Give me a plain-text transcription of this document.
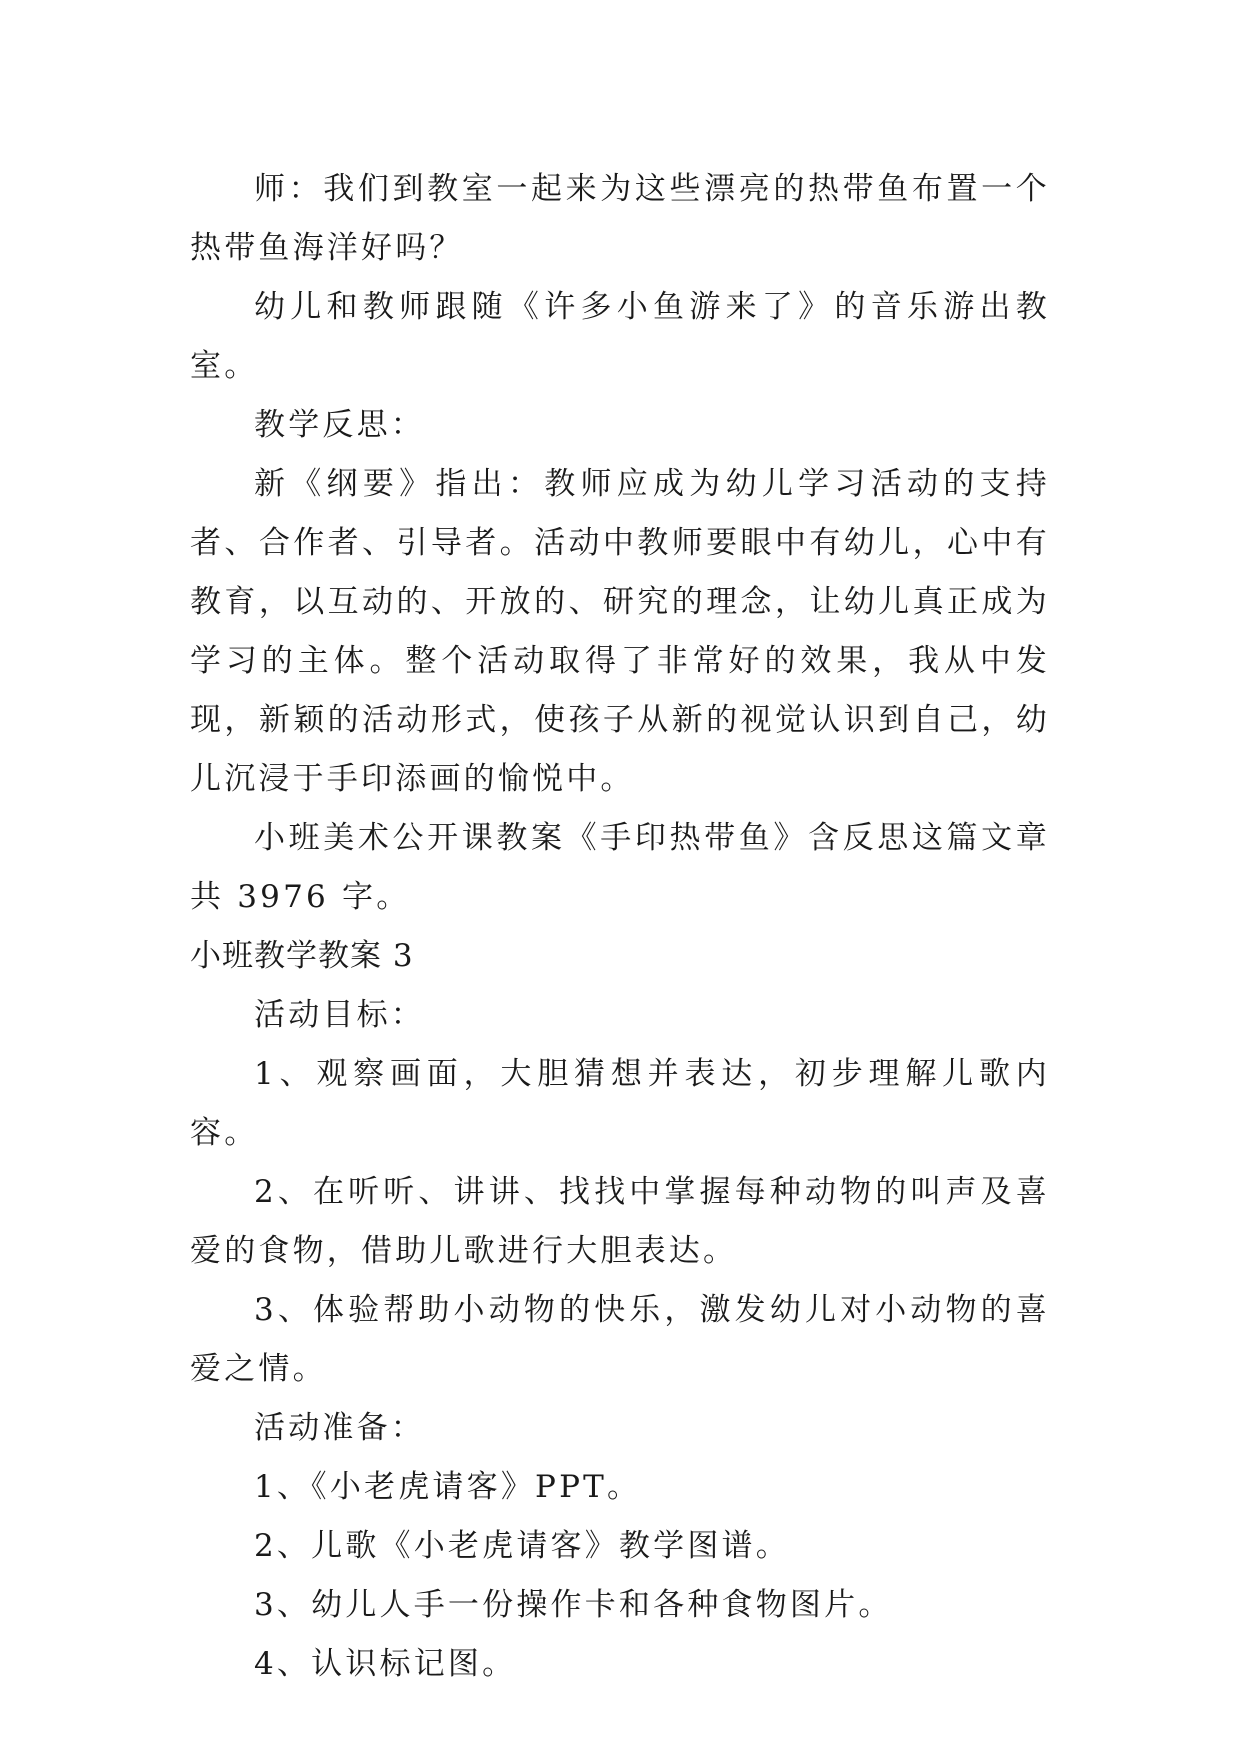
师：我们到教室一起来为这些漂亮的热带鱼布置一个热带鱼海洋好吗？

幼儿和教师跟随《许多小鱼游来了》的音乐游出教室。

教学反思：

新《纲要》指出：教师应成为幼儿学习活动的支持者、合作者、引导者。活动中教师要眼中有幼儿，心中有教育，以互动的、开放的、研究的理念，让幼儿真正成为学习的主体。整个活动取得了非常好的效果，我从中发现，新颖的活动形式，使孩子从新的视觉认识到自己，幼儿沉浸于手印添画的愉悦中。

小班美术公开课教案《手印热带鱼》含反思这篇文章共 3976 字。

小班教学教案 3

活动目标：

1、观察画面，大胆猜想并表达，初步理解儿歌内容。

2、在听听、讲讲、找找中掌握每种动物的叫声及喜爱的食物，借助儿歌进行大胆表达。

3、体验帮助小动物的快乐，激发幼儿对小动物的喜爱之情。

活动准备：

1、《小老虎请客》PPT。

2、儿歌《小老虎请客》教学图谱。

3、幼儿人手一份操作卡和各种食物图片。

4、认识标记图。
